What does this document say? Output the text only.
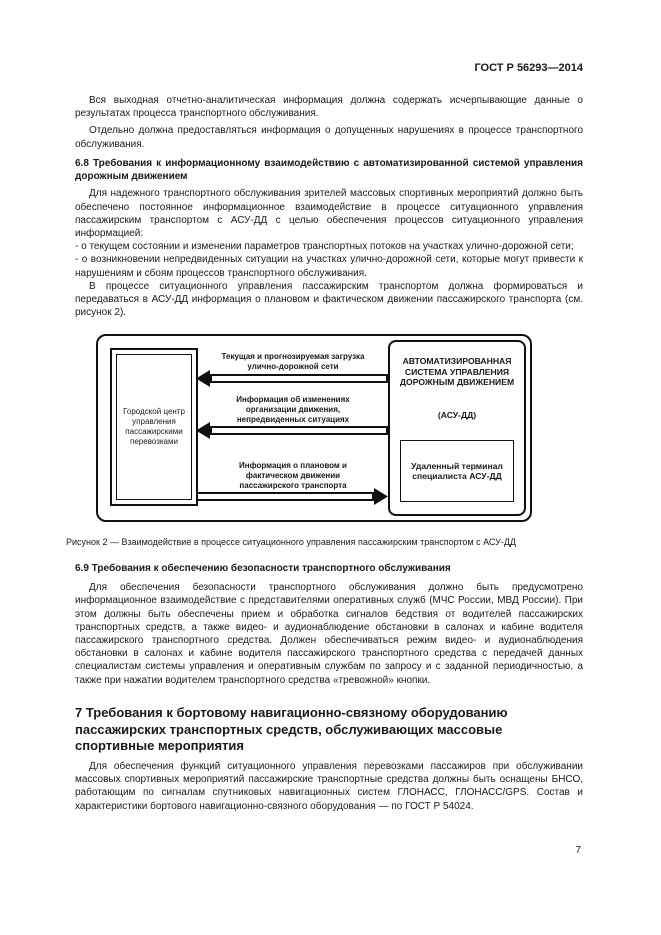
ГОСТ Р 56293—2014

Вся выходная отчетно-аналитическая информация должна содержать исчерпывающие данные о результатах процесса транспортного обслуживания.

Отдельно должна предоставляться информация о допущенных нарушениях в процессе транспортного обслуживания.

6.8 Требования к информационному взаимодействию с автоматизированной системой управления дорожным движением

Для надежного транспортного обслуживания зрителей массовых спортивных мероприятий должно быть обеспечено постоянное информационное взаимодействие в процессе ситуационного управления пассажирским транспортом с АСУ-ДД с целью обеспечения процессов ситуационного управления информацией:

- о текущем состоянии и изменении параметров транспортных потоков на участках улично-дорожной сети;

- о возникновении непредвиденных ситуации на участках улично-дорожной сети, которые могут привести к нарушениям и сбоям процессов транспортного обслуживания.

В процессе ситуационного управления пассажирским транспортом должна формироваться и передаваться в АСУ-ДД информация о плановом и фактическом движении пассажирского транспорта (см. рисунок 2).

Городской центр управления пассажирскими перевозками
АВТОМАТИЗИРОВАННАЯ СИСТЕМА УПРАВЛЕНИЯ ДОРОЖНЫМ ДВИЖЕНИЕМ
(АСУ-ДД)
Удаленный терминал специалиста АСУ-ДД
Текущая и прогнозируемая загрузка улично-дорожной сети
Информация об изменениях организации движения, непредвиденных ситуациях
Информация о плановом и фактическом движении пассажирского транспорта
Рисунок 2 — Взаимодействие в процессе ситуационного управления пассажирским транспортом с АСУ-ДД

6.9 Требования к обеспечению безопасности транспортного обслуживания

Для обеспечения безопасности транспортного обслуживания должно быть предусмотрено информационное взаимодействие с представителями оперативных служб (МЧС России, МВД России). При этом должны быть обеспечены прием и обработка сигналов бедствия от водителей пассажирских транспортных средств, а также видео- и аудионаблюдение обстановки в салонах и кабине водителя пассажирского транспортного средства. Должен обеспечиваться режим видео- и аудионаблюдения обстановки в салонах и кабине водителя пассажирского транспортного средства с передачей данных специалистам системы управления и оперативным службам по запросу и с заданной периодичностью, а также при нажатии водителем транспортного средства «тревожной» кнопки.

7 Требования к бортовому навигационно-связному оборудованию пассажирских транспортных средств, обслуживающих массовые спортивные мероприятия

Для обеспечения функций ситуационного управления перевозками пассажиров при обслуживании массовых спортивных мероприятий пассажирские транспортные средства должны быть оснащены БНСО, работающим по сигналам спутниковых навигационных систем ГЛОНАСС, ГЛОНАСС/GPS. Состав и характеристики бортового навигационно-связного оборудования — по ГОСТ Р 54024.

7
